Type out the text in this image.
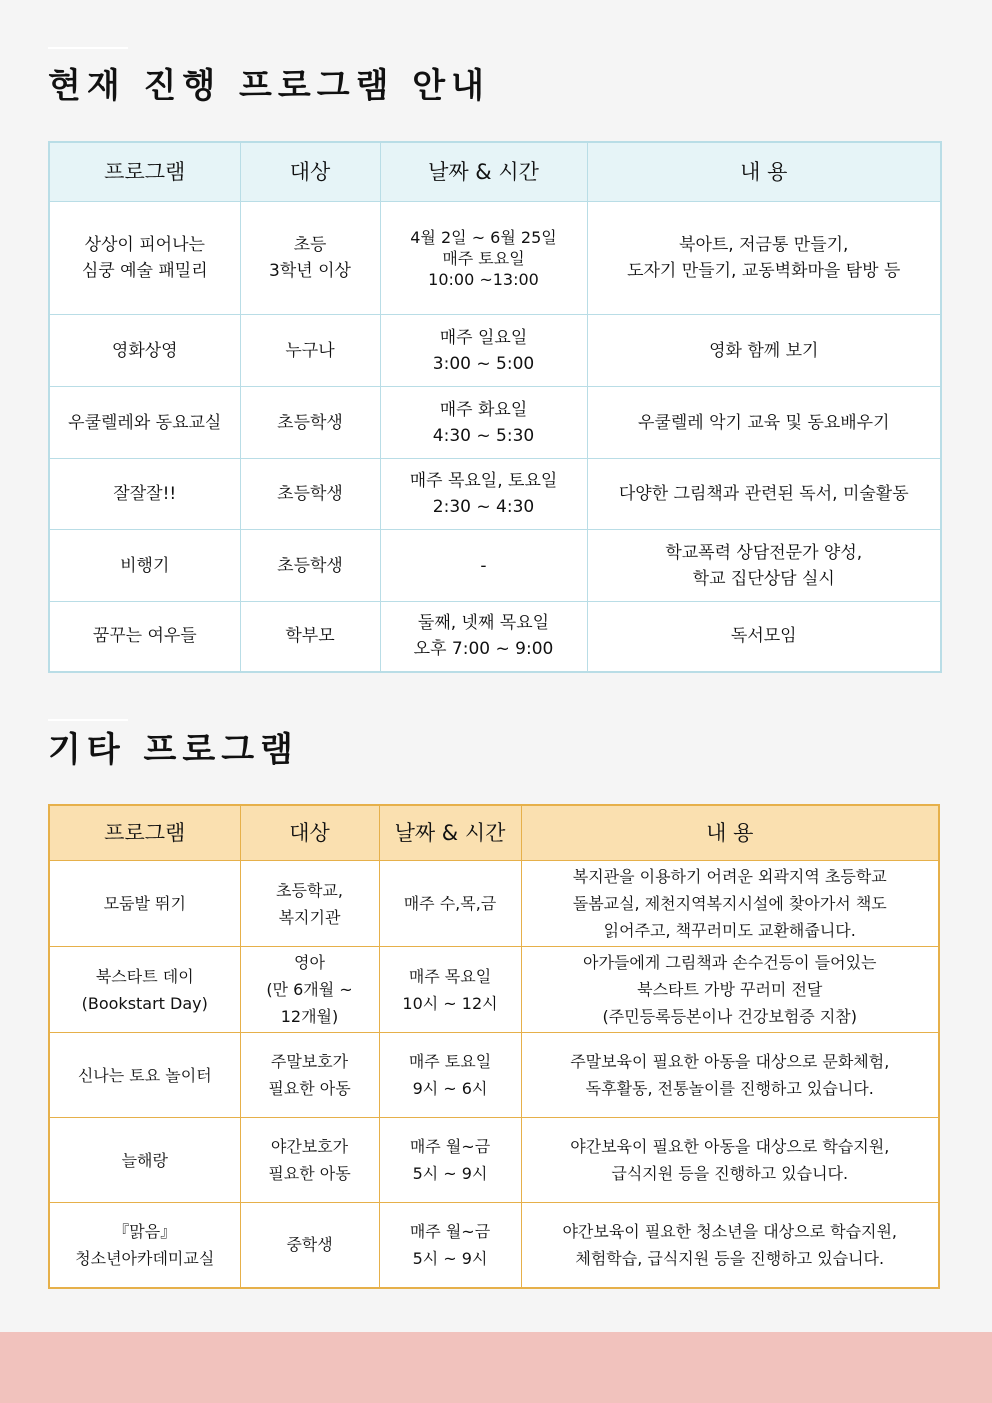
현재 진행 프로그램 안내
프로그램	대상	날짜 & 시간	내 용
상상이 피어나는
심쿵 예술 패밀리	초등
3학년 이상	4월 2일 ~ 6월 25일
매주 토요일
10:00 ~13:00	북아트, 저금통 만들기,
도자기 만들기, 교동벽화마을 탐방 등
영화상영	누구나	매주 일요일
3:00 ~ 5:00	영화 함께 보기
우쿨렐레와 동요교실	초등학생	매주 화요일
4:30 ~ 5:30	우쿨렐레 악기 교육 및 동요배우기
잘잘잘!!	초등학생	매주 목요일, 토요일
2:30 ~ 4:30	다양한 그림책과 관련된 독서, 미술활동
비행기	초등학생	-	학교폭력 상담전문가 양성,
학교 집단상담 실시
꿈꾸는 여우들	학부모	둘째, 넷째 목요일
오후 7:00 ~ 9:00	독서모임
기타 프로그램
프로그램	대상	날짜 & 시간	내 용
모둠발 뛰기	초등학교,
복지기관	매주 수,목,금	복지관을 이용하기 어려운 외곽지역 초등학교
돌봄교실, 제천지역복지시설에 찾아가서 책도
읽어주고, 책꾸러미도 교환해줍니다.
북스타트 데이
(Bookstart Day)	영아
(만 6개월 ~
12개월)	매주 목요일
10시 ~ 12시	아가들에게 그림책과 손수건등이 들어있는
북스타트 가방 꾸러미 전달
(주민등록등본이나 건강보험증 지참)
신나는 토요 놀이터	주말보호가
필요한 아동	매주 토요일
9시 ~ 6시	주말보육이 필요한 아동을 대상으로 문화체험,
독후활동, 전통놀이를 진행하고 있습니다.
늘해랑	야간보호가
필요한 아동	매주 월~금
5시 ~ 9시	야간보육이 필요한 아동을 대상으로 학습지원,
급식지원 등을 진행하고 있습니다.
『맑음』
청소년아카데미교실	중학생	매주 월~금
5시 ~ 9시	야간보육이 필요한 청소년을 대상으로 학습지원,
체험학습, 급식지원 등을 진행하고 있습니다.
